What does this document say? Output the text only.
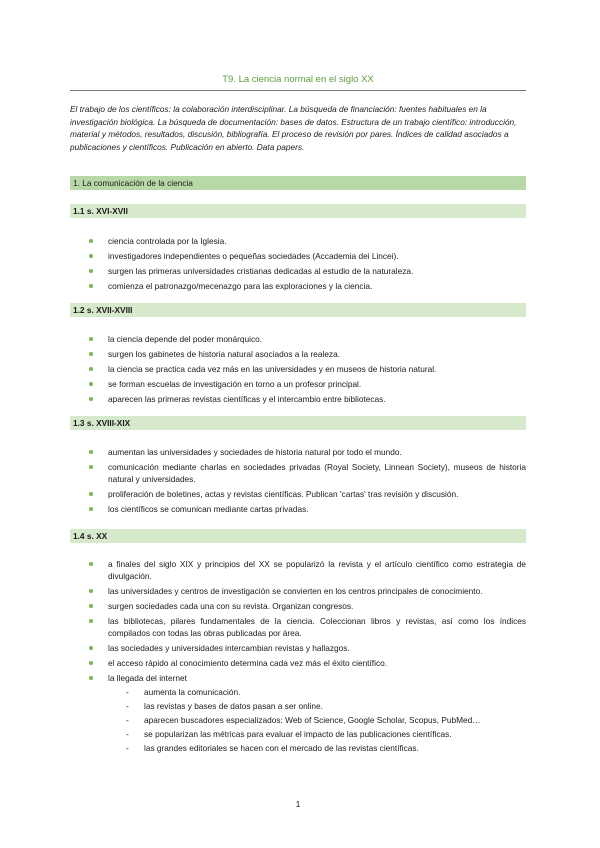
T9. La ciencia normal en el siglo XX
El trabajo de los científicos: la colaboración interdisciplinar. La búsqueda de financiación: fuentes habituales en la investigación biológica. La búsqueda de documentación: bases de datos. Estructura de un trabajo científico: introducción, material y métodos, resultados, discusión, bibliografía. El proceso de revisión por pares. Índices de calidad asociados a publicaciones y científicos. Publicación en abierto. Data papers.
1. La comunicación de la ciencia
1.1 s. XVI-XVII
ciencia controlada por la Iglesia.
investigadores independientes o pequeñas sociedades (Accademia dei Lincei).
surgen las primeras universidades cristianas dedicadas al estudio de la naturaleza.
comienza el patronazgo/mecenazgo para las exploraciones y la ciencia.
1.2 s. XVII-XVIII
la ciencia depende del poder monárquico.
surgen los gabinetes de historia natural asociados a la realeza.
la ciencia se practica cada vez más en las universidades y en museos de historia natural.
se forman escuelas de investigación en torno a un profesor principal.
aparecen las primeras revistas científicas y el intercambio entre bibliotecas.
1.3 s. XVIII-XIX
aumentan las universidades y sociedades de historia natural por todo el mundo.
comunicación mediante charlas en sociedades privadas (Royal Society, Linnean Society), museos de historia natural y universidades.
proliferación de boletines, actas y revistas científicas. Publican 'cartas' tras revisión y discusión.
los científicos se comunican mediante cartas privadas.
1.4 s. XX
a finales del siglo XIX y principios del XX se popularizó la revista y el artículo científico como estrategia de divulgación.
las universidades y centros de investigación se convierten en los centros principales de conocimiento.
surgen sociedades cada una con su revista. Organizan congresos.
las bibliotecas, pilares fundamentales de la ciencia. Coleccionan libros y revistas, así como los índices compilados con todas las obras publicadas por área.
las sociedades y universidades intercambian revistas y hallazgos.
el acceso rápido al conocimiento determina cada vez más el éxito científico.
la llegada del internet
- aumenta la comunicación.
- las revistas y bases de datos pasan a ser online.
- aparecen buscadores especializados: Web of Science, Google Scholar, Scopus, PubMed…
- se popularizan las métricas para evaluar el impacto de las publicaciones científicas.
- las grandes editoriales se hacen con el mercado de las revistas científicas.
1
